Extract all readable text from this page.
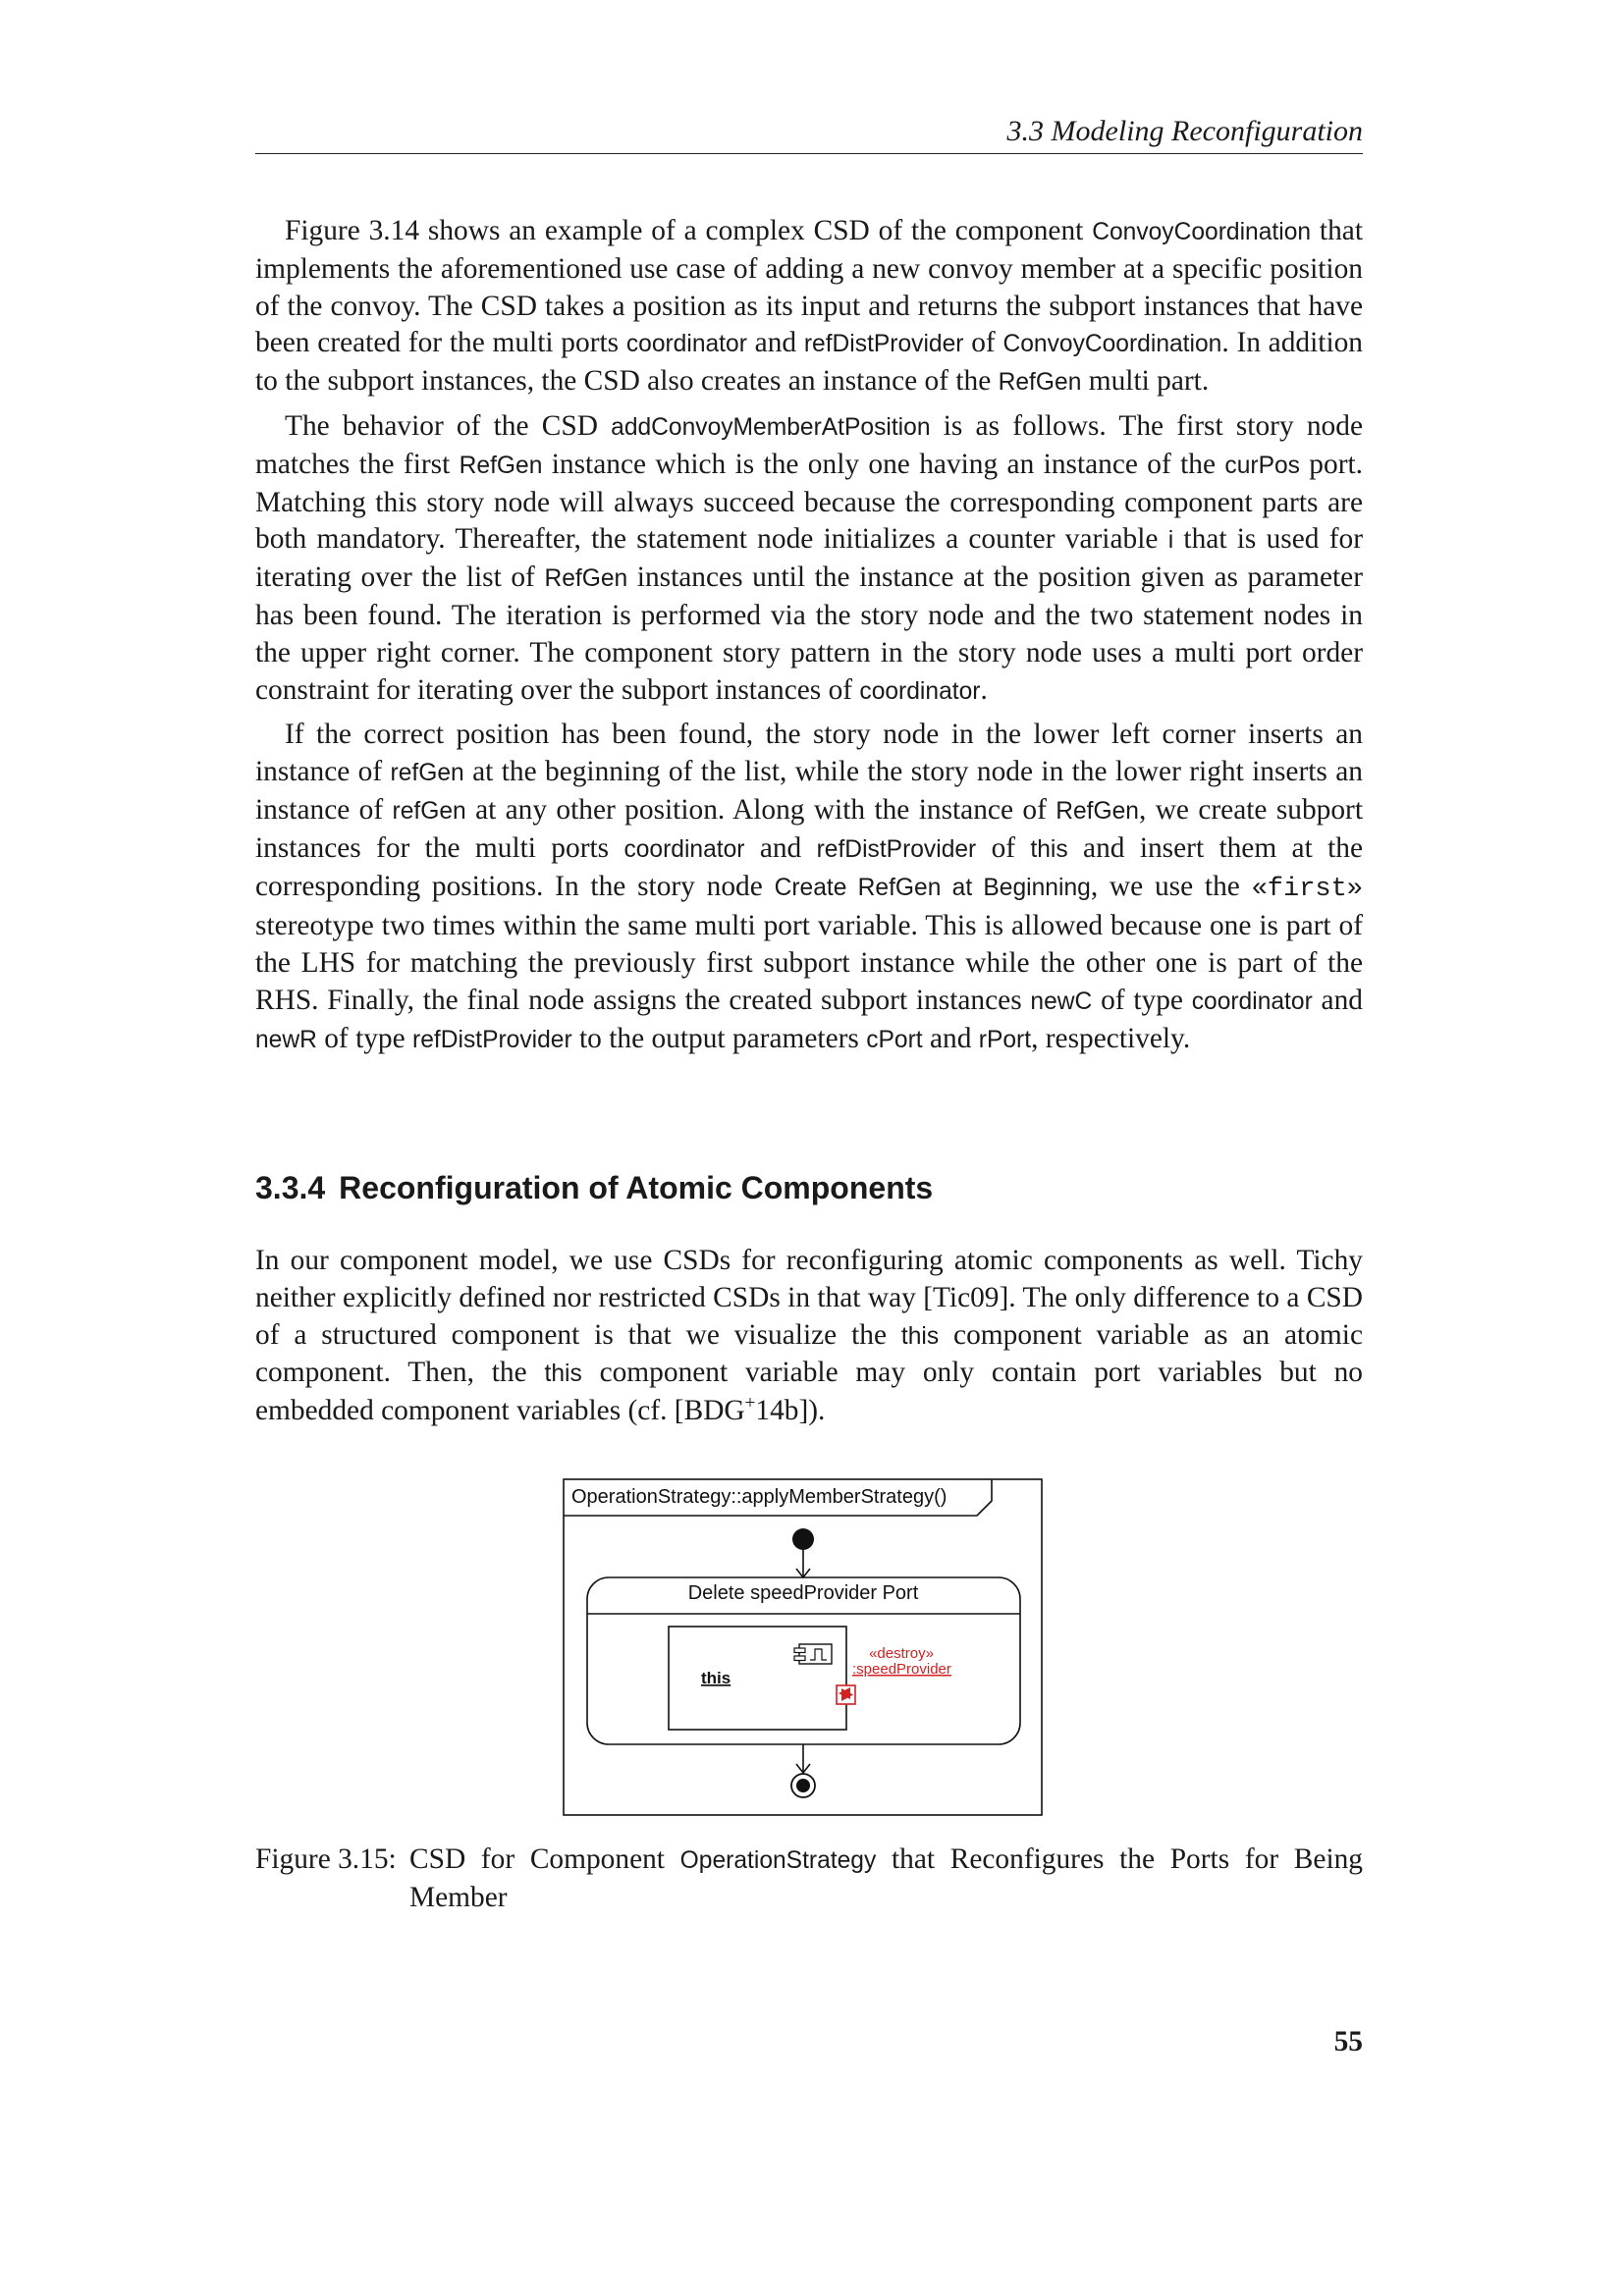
3.3 Modeling Reconfiguration

Figure 3.14 shows an example of a complex CSD of the component ConvoyCoordination that implements the aforementioned use case of adding a new convoy member at a specific position of the convoy. The CSD takes a position as its input and returns the subport instances that have been created for the multi ports coordinator and refDistProvider of ConvoyCoordination. In addition to the subport instances, the CSD also creates an instance of the RefGen multi part.

The behavior of the CSD addConvoyMemberAtPosition is as follows. The first story node matches the first RefGen instance which is the only one having an instance of the curPos port. Matching this story node will always succeed because the corresponding component parts are both mandatory. Thereafter, the statement node initializes a counter variable i that is used for iterating over the list of RefGen instances until the instance at the position given as parameter has been found. The iteration is performed via the story node and the two statement nodes in the upper right corner. The component story pattern in the story node uses a multi port order constraint for iterating over the subport instances of coordinator.

If the correct position has been found, the story node in the lower left corner inserts an instance of refGen at the beginning of the list, while the story node in the lower right inserts an instance of refGen at any other position. Along with the instance of RefGen, we create subport instances for the multi ports coordinator and refDistProvider of this and insert them at the corresponding positions. In the story node Create RefGen at Beginning, we use the «first» stereotype two times within the same multi port variable. This is allowed because one is part of the LHS for matching the previously first subport instance while the other one is part of the RHS. Finally, the final node assigns the created subport instances newC of type coordinator and newR of type refDistProvider to the output parameters cPort and rPort, respectively.

3.3.4 Reconfiguration of Atomic Components

In our component model, we use CSDs for reconfiguring atomic components as well. Tichy neither explicitly defined nor restricted CSDs in that way [Tic09]. The only difference to a CSD of a structured component is that we visualize the this component variable as an atomic component. Then, the this component variable may only contain port variables but no embedded component variables (cf. [BDG+14b]).

OperationStrategy::applyMemberStrategy()
Delete speedProvider Port
this
«destroy»
:speedProvider
Figure 3.15: CSD for Component OperationStrategy that Reconfigures the Ports for Being Member
55
